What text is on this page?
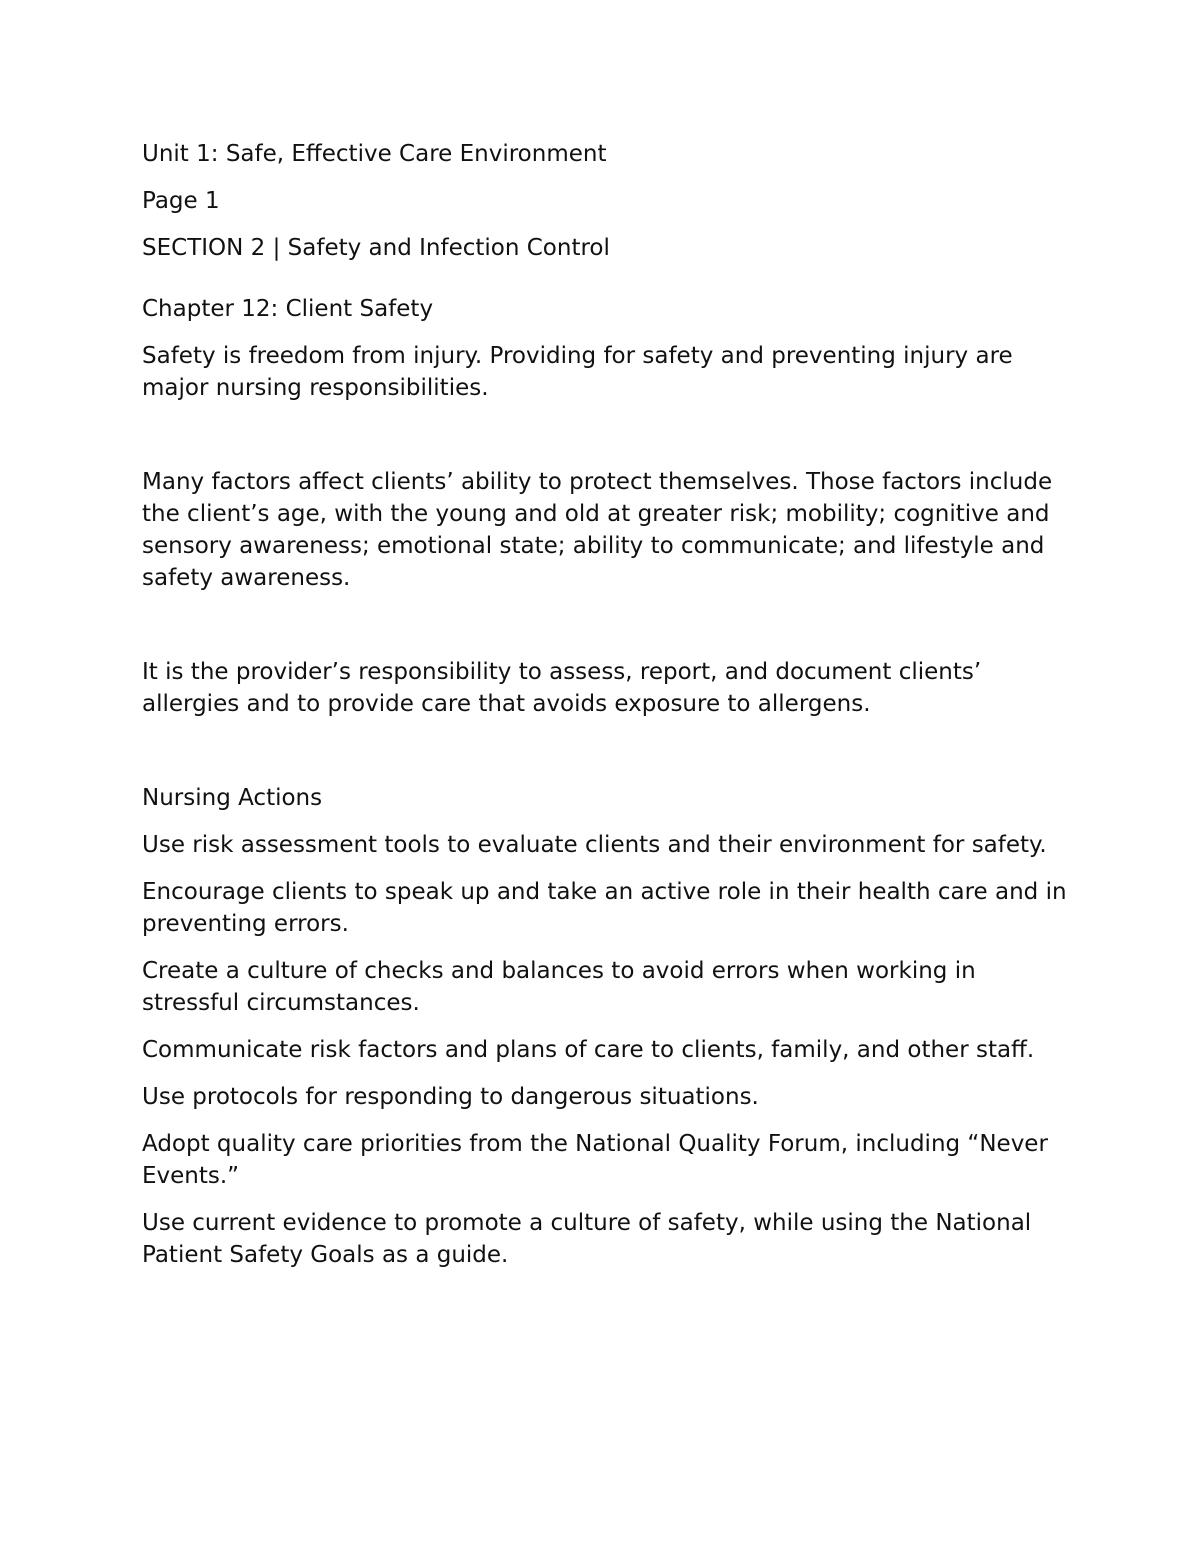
Unit 1: Safe, Effective Care Environment

Page 1

SECTION 2 | Safety and Infection Control

Chapter 12: Client Safety

Safety is freedom from injury. Providing for safety and preventing injury are major nursing responsibilities.

Many factors affect clients’ ability to protect themselves. Those factors include the client’s age, with the young and old at greater risk; mobility; cognitive and sensory awareness; emotional state; ability to communicate; and lifestyle and safety awareness.

It is the provider’s responsibility to assess, report, and document clients’ allergies and to provide care that avoids exposure to allergens.

Nursing Actions

Use risk assessment tools to evaluate clients and their environment for safety.

Encourage clients to speak up and take an active role in their health care and in preventing errors.

Create a culture of checks and balances to avoid errors when working in stressful circumstances.

Communicate risk factors and plans of care to clients, family, and other staff.

Use protocols for responding to dangerous situations.

Adopt quality care priorities from the National Quality Forum, including “Never Events.”

Use current evidence to promote a culture of safety, while using the National Patient Safety Goals as a guide.
